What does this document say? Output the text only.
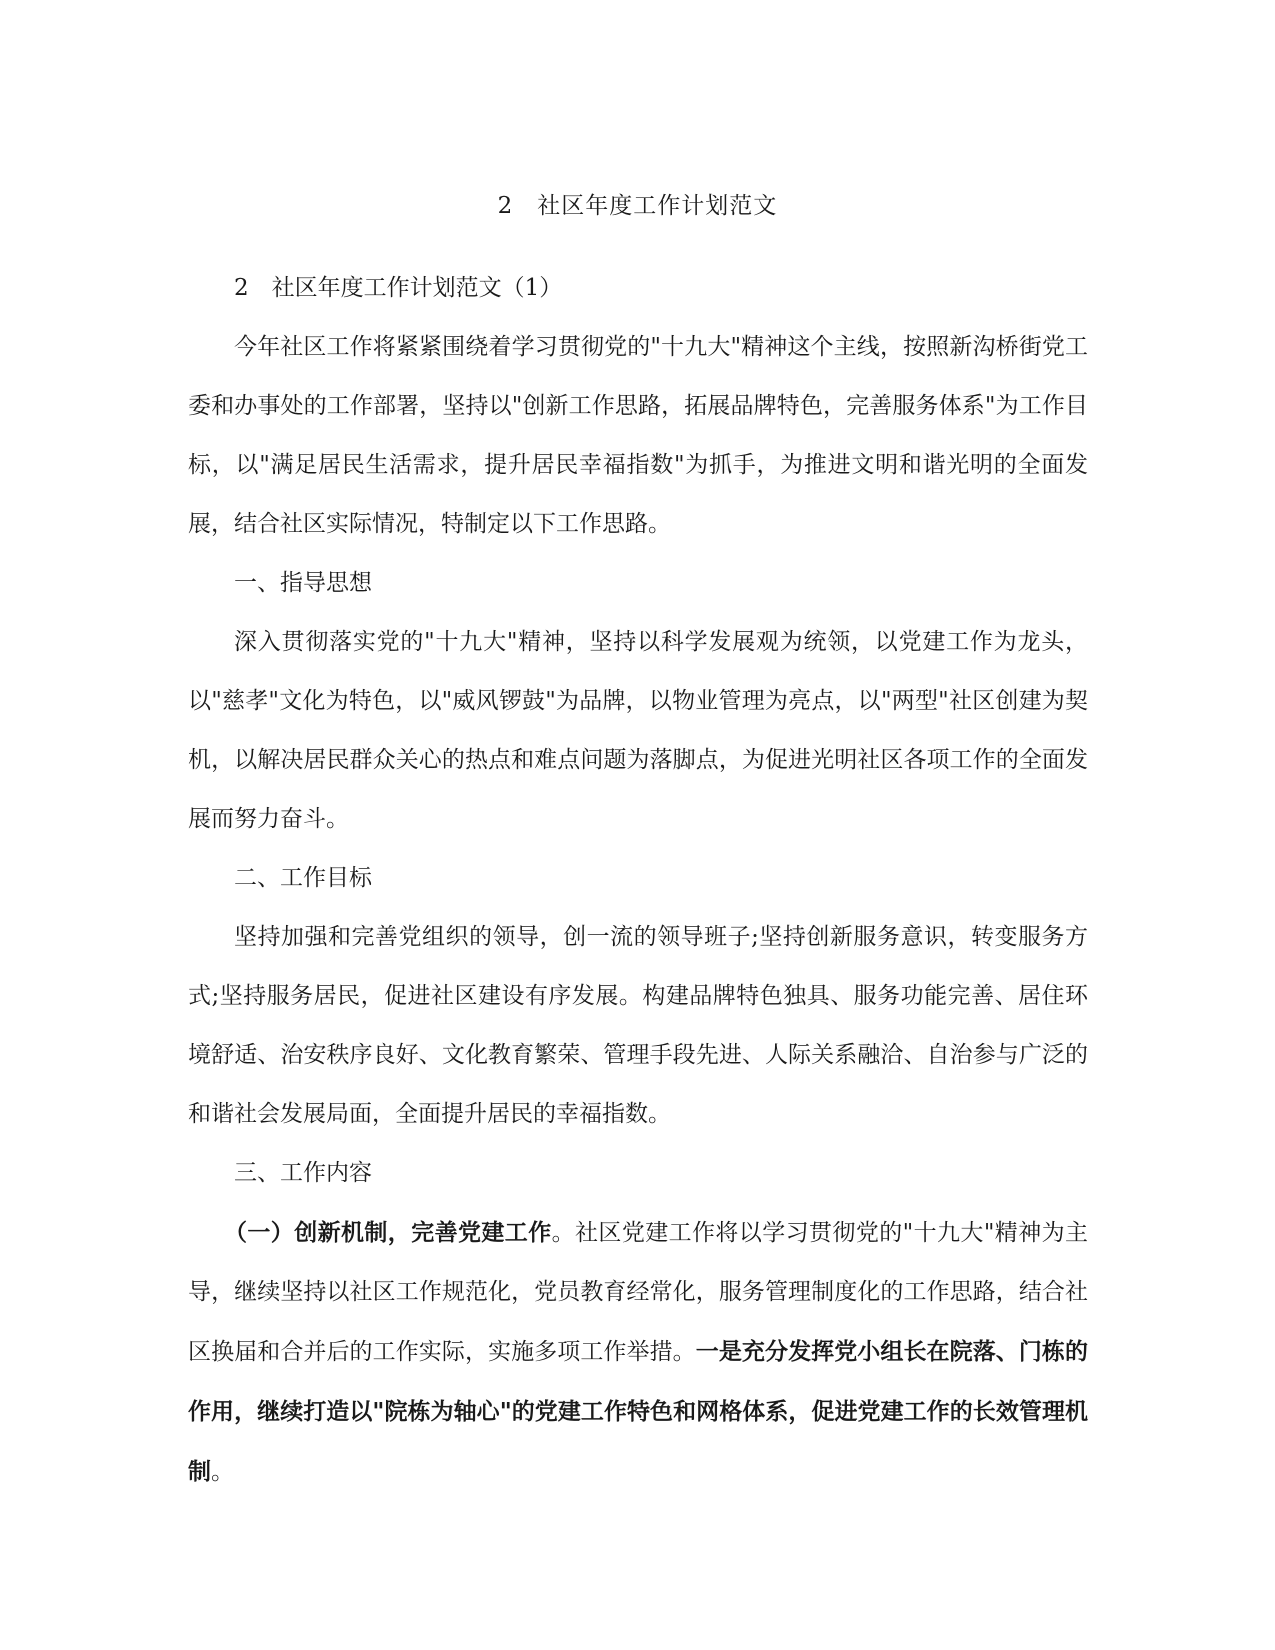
2　社区年度工作计划范文

2　社区年度工作计划范文（1）

今年社区工作将紧紧围绕着学习贯彻党的"十九大"精神这个主线，按照新沟桥街党工委和办事处的工作部署，坚持以"创新工作思路，拓展品牌特色，完善服务体系"为工作目标，以"满足居民生活需求，提升居民幸福指数"为抓手，为推进文明和谐光明的全面发展，结合社区实际情况，特制定以下工作思路。

一、指导思想

深入贯彻落实党的"十九大"精神，坚持以科学发展观为统领，以党建工作为龙头，以"慈孝"文化为特色，以"威风锣鼓"为品牌，以物业管理为亮点，以"两型"社区创建为契机，以解决居民群众关心的热点和难点问题为落脚点，为促进光明社区各项工作的全面发展而努力奋斗。

二、工作目标

坚持加强和完善党组织的领导，创一流的领导班子;坚持创新服务意识，转变服务方式;坚持服务居民，促进社区建设有序发展。构建品牌特色独具、服务功能完善、居住环境舒适、治安秩序良好、文化教育繁荣、管理手段先进、人际关系融洽、自治参与广泛的和谐社会发展局面，全面提升居民的幸福指数。

三、工作内容

（一）创新机制，完善党建工作。社区党建工作将以学习贯彻党的"十九大"精神为主导，继续坚持以社区工作规范化，党员教育经常化，服务管理制度化的工作思路，结合社区换届和合并后的工作实际，实施多项工作举措。一是充分发挥党小组长在院落、门栋的作用，继续打造以"院栋为轴心"的党建工作特色和网格体系，促进党建工作的长效管理机制。
